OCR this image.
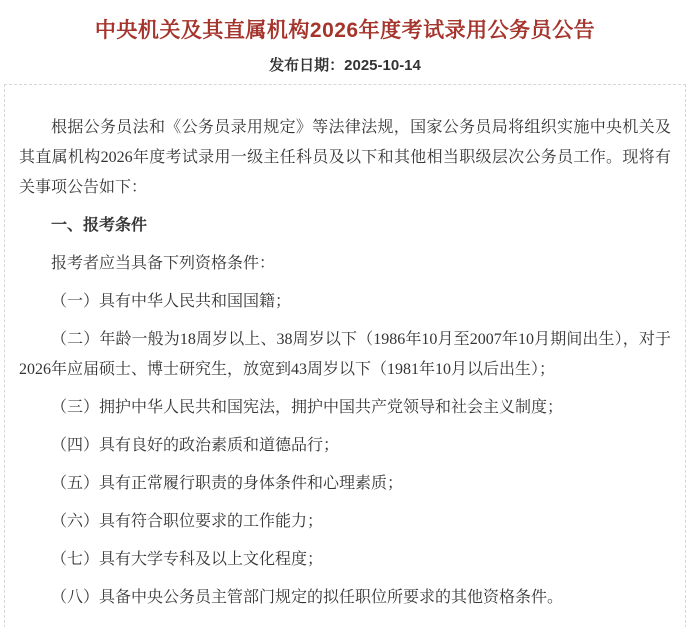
中央机关及其直属机构2026年度考试录用公务员公告
发布日期：2025-10-14

根据公务员法和《公务员录用规定》等法律法规，国家公务员局将组织实施中央机关及其直属机构2026年度考试录用一级主任科员及以下和其他相当职级层次公务员工作。现将有关事项公告如下：

一、报考条件

报考者应当具备下列资格条件：

（一）具有中华人民共和国国籍；

（二）年龄一般为18周岁以上、38周岁以下（1986年10月至2007年10月期间出生），对于2026年应届硕士、博士研究生，放宽到43周岁以下（1981年10月以后出生）；

（三）拥护中华人民共和国宪法，拥护中国共产党领导和社会主义制度；

（四）具有良好的政治素质和道德品行；

（五）具有正常履行职责的身体条件和心理素质；

（六）具有符合职位要求的工作能力；

（七）具有大学专科及以上文化程度；

（八）具备中央公务员主管部门规定的拟任职位所要求的其他资格条件。
